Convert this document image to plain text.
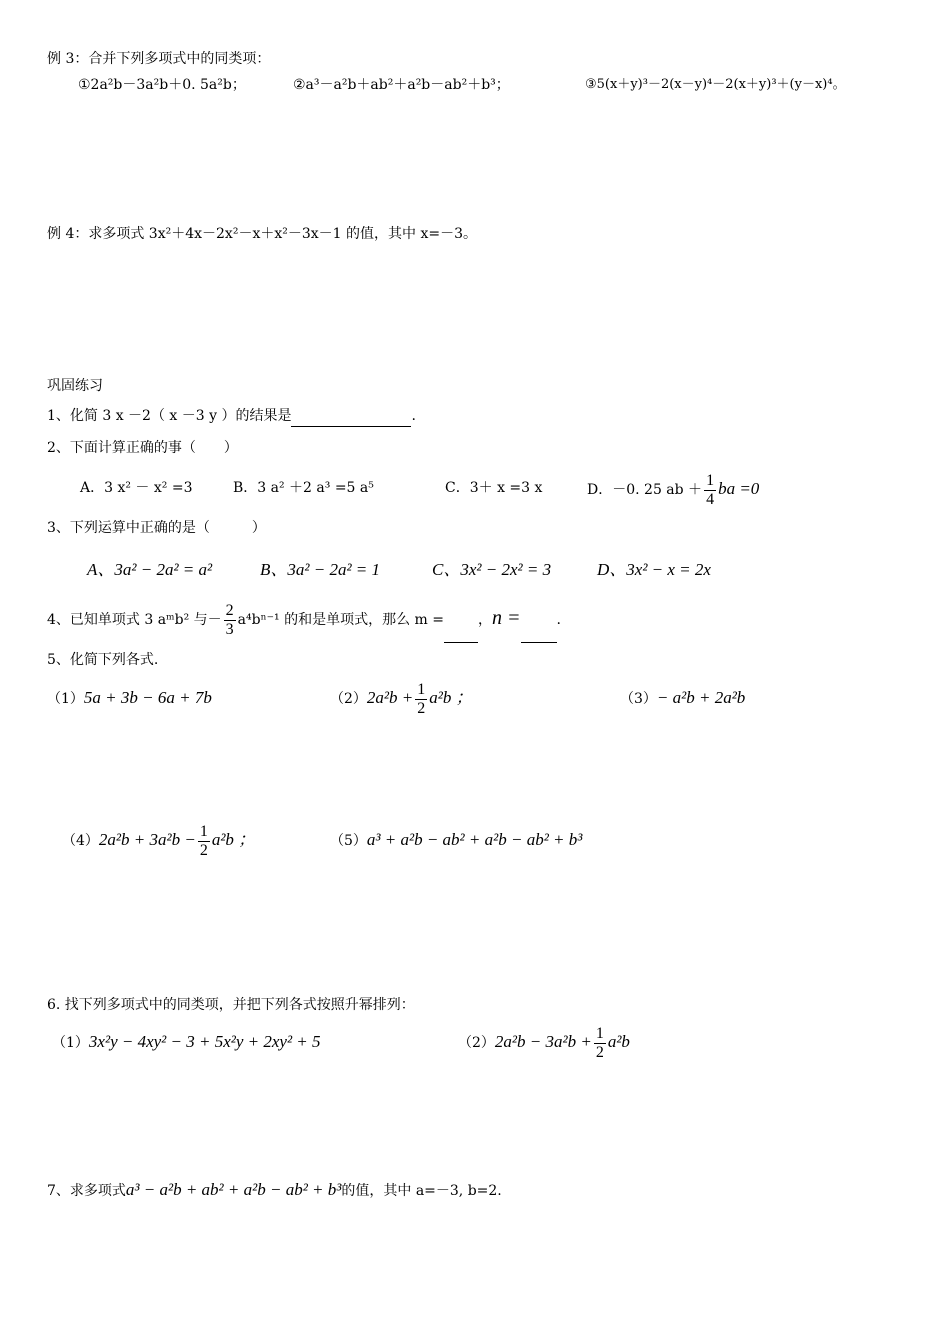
例 3：合并下列多项式中的同类项：
①2a²b－3a²b＋0. 5a²b；	②a³－a²b＋ab²＋a²b－ab²＋b³；	③5(x＋y)³－2(x－y)⁴－2(x＋y)³＋(y－x)⁴。
例 4：求多项式 3x²＋4x－2x²－x＋x²－3x－1 的值，其中 x=－3。
巩固练习
1、化简 3 x －2（ x －3 y ）的结果是	.
2、下面计算正确的事（　　）
A．3 x² － x² =3	B．3 a² ＋2 a³ =5 a⁵	C．3＋ x =3 x	D．－0. 25 ab ＋ $\frac{1}{4}$ ba =0
3、下列运算中正确的是（　　　）
A、3a² − 2a² = a²	B、3a² − 2a² = 1	C、3x² − 2x² = 3	D、3x² − x = 2x
4、已知单项式 3 aᵐb² 与－ $\frac{2}{3} a^4b^{n-1}$ 的和是单项式，那么 m = ，n =	.
5、化简下列各式.
（1）5a + 3b − 6a + 7b	$(2)2a^2b + \frac{1}{2} a^2b$ ；	（3）− a²b + 2a²b
$(4)2a^2b + 3a^2b - \frac{1}{2} a^2b$ ；	（5）a³ + a²b − ab² + a²b − ab² + b³
6. 找下列多项式中的同类项，并把下列各式按照升幂排列：
（1）3x²y − 4xy² − 3 + 5x²y + 2xy² + 5	$(2)2a^2b - 3a^2b + \frac{1}{2} a^2b$
7、求多项式a³ − a²b + ab² + a²b − ab² + b³的值，其中 a=－3, b=2.
